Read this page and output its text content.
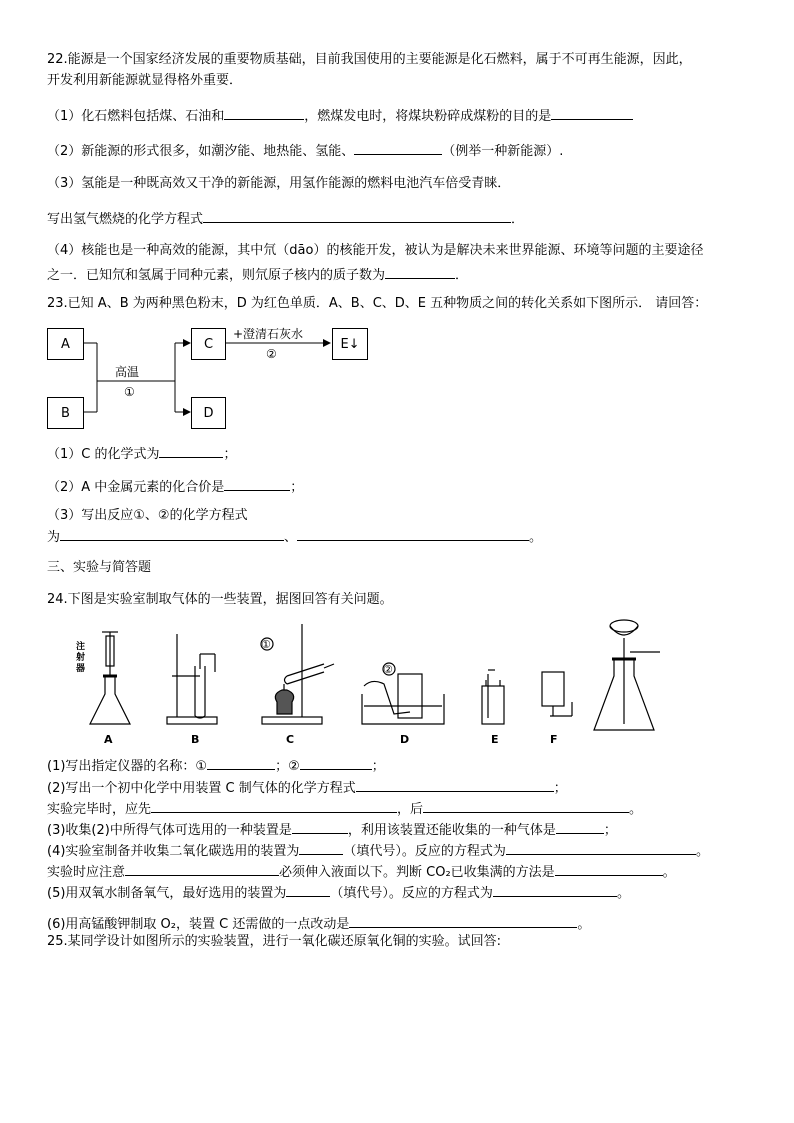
22.能源是一个国家经济发展的重要物质基础，目前我国使用的主要能源是化石燃料，属于不可再生能源，因此，
开发利用新能源就显得格外重要．
（1）化石燃料包括煤、石油和	，燃煤发电时，将煤块粉碎成煤粉的目的是
（2）新能源的形式很多，如潮汐能、地热能、氢能、	（例举一种新能源）.
（3）氢能是一种既高效又干净的新能源，用氢作能源的燃料电池汽车倍受青睐．
写出氢气燃烧的化学方程式	．
（4）核能也是一种高效的能源，其中氘（dāo）的核能开发，被认为是解决未来世界能源、环境等问题的主要途径
之一．已知氘和氢属于同种元素，则氘原子核内的质子数为	．
23.已知 A、B 为两种黑色粉末，D 为红色单质．A、B、C、D、E 五种物质之间的转化关系如下图所示． 请回答：
A
B
C
D
E↓
高温
①
+澄清石灰水
②
（1）C 的化学式为	；
（2）A 中金属元素的化合价是	；
（3）写出反应①、②的化学方程式
为	、	。
三、实验与简答题
24.下图是实验室制取气体的一些装置，据图回答有关问题。
注射器
①
②
A	B	C	D	E	F
(1)写出指定仪器的名称：①	；②	；
(2)写出一个初中化学中用装置 C 制气体的化学方程式	；
实验完毕时，应先	，后	。
(3)收集(2)中所得气体可选用的一种装置是	，利用该装置还能收集的一种气体是	；
(4)实验室制备并收集二氧化碳选用的装置为	（填代号）。反应的方程式为	。
实验时应注意	必须伸入液面以下。判断 CO₂已收集满的方法是	。
(5)用双氧水制备氧气，最好选用的装置为	（填代号）。反应的方程式为	。
(6)用高锰酸钾制取 O₂，装置 C 还需做的一点改动是	。
25.某同学设计如图所示的实验装置，进行一氧化碳还原氧化铜的实验。试回答:
